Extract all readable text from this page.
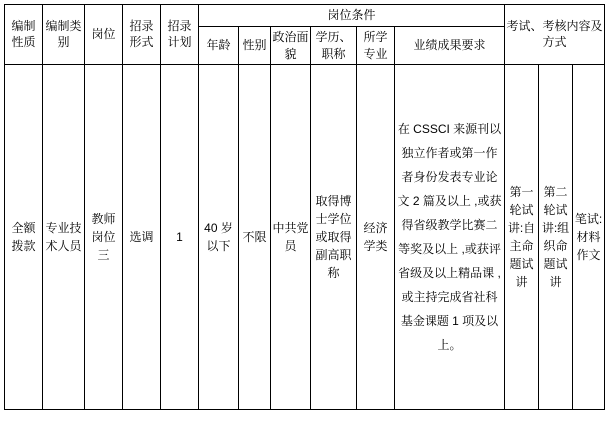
编制性质	编制类别	岗位	招录形式	招录计划	岗位条件						考试、考核内容及方式		
					年龄	性别	政治面貌	学历、职称	所学专业	业绩成果要求			
全额拨款	专业技术人员	教师岗位三	选调	1	40 岁以下	不限	中共党员	取得博士学位或取得副高职称	经济学类	在 CSSCI 来源刊以独立作者或第一作者身份发表专业论文 2 篇及以上 ,或获得省级教学比赛二等奖及以上 ,或获评省级及以上精品课 ,或主持完成省社科基金课题 1 项及以上。	第一轮试讲:自主命题试讲	第二轮试讲:组织命题试讲	笔试:材料作文
